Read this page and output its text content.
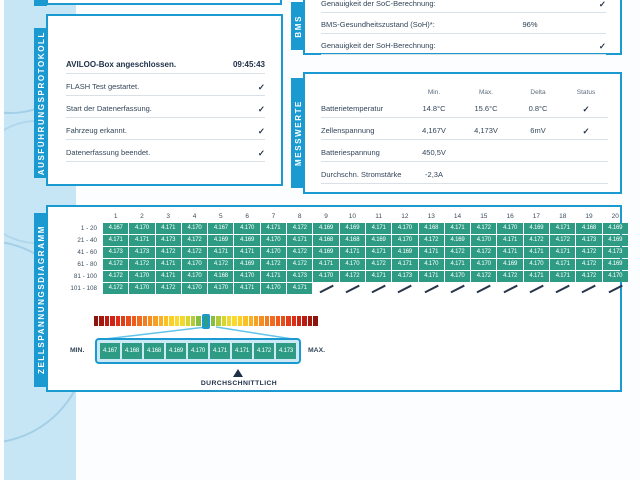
AUSFÜHRUNGSPROTOKOLL	AVILOO-Box angeschlossen.	09:45:43
FLASH Test gestartet.	✓
Start der Datenerfassung.	✓
Fahrzeug erkannt.	✓
Datenerfassung beendet.	✓
BMS
Genauigkeit der SoC-Berechnung:	✓
BMS-Gesundheitszustand (SoH)*:	96%
Genauigkeit der SoH-Berechnung:	✓
MESSWERTE
Min.	Max.	Delta	Status
Batterietemperatur	14.8°C	15.6°C	0.8°C	✓
Zellenspannung	4,167V	4,173V	6mV	✓
Batteriespannung	450,5V
Durchschn. Stromstärke	-2,3A
ZELLSPANNUNGSDIAGRAMM
1	2	3	4	5	6	7	8	9	10	11	12	13	14	15	16	17	18	19	20
1 - 20	4.167	4.170	4.171	4.170	4.167	4.170	4.171	4.172	4.169	4.169	4.171	4.170	4.168	4.171	4.172	4.170	4.169	4.171	4.168	4.169
21 - 40	4.171	4.171	4.173	4.172	4.169	4.169	4.170	4.171	4.168	4.168	4.169	4.170	4.172	4.169	4.170	4.171	4.172	4.172	4.173	4.169
41 - 60	4.173	4.173	4.172	4.172	4.171	4.171	4.170	4.172	4.169	4.171	4.171	4.169	4.171	4.172	4.172	4.171	4.171	4.171	4.172	4.173
61 - 80	4.172	4.172	4.171	4.170	4.172	4.169	4.172	4.172	4.171	4.170	4.172	4.171	4.170	4.171	4.170	4.169	4.170	4.171	4.172	4.169
81 - 100	4.172	4.170	4.171	4.170	4.168	4.170	4.171	4.173	4.170	4.172	4.171	4.173	4.171	4.170	4.172	4.172	4.171	4.171	4.172	4.170
101 - 108	4.172	4.170	4.172	4.170	4.170	4.171	4.170	4.171
MIN.	4.167	4.168	4.168	4.169	4.170	4.171	4.171	4.172	4.173	MAX.
DURCHSCHNITTLICH
